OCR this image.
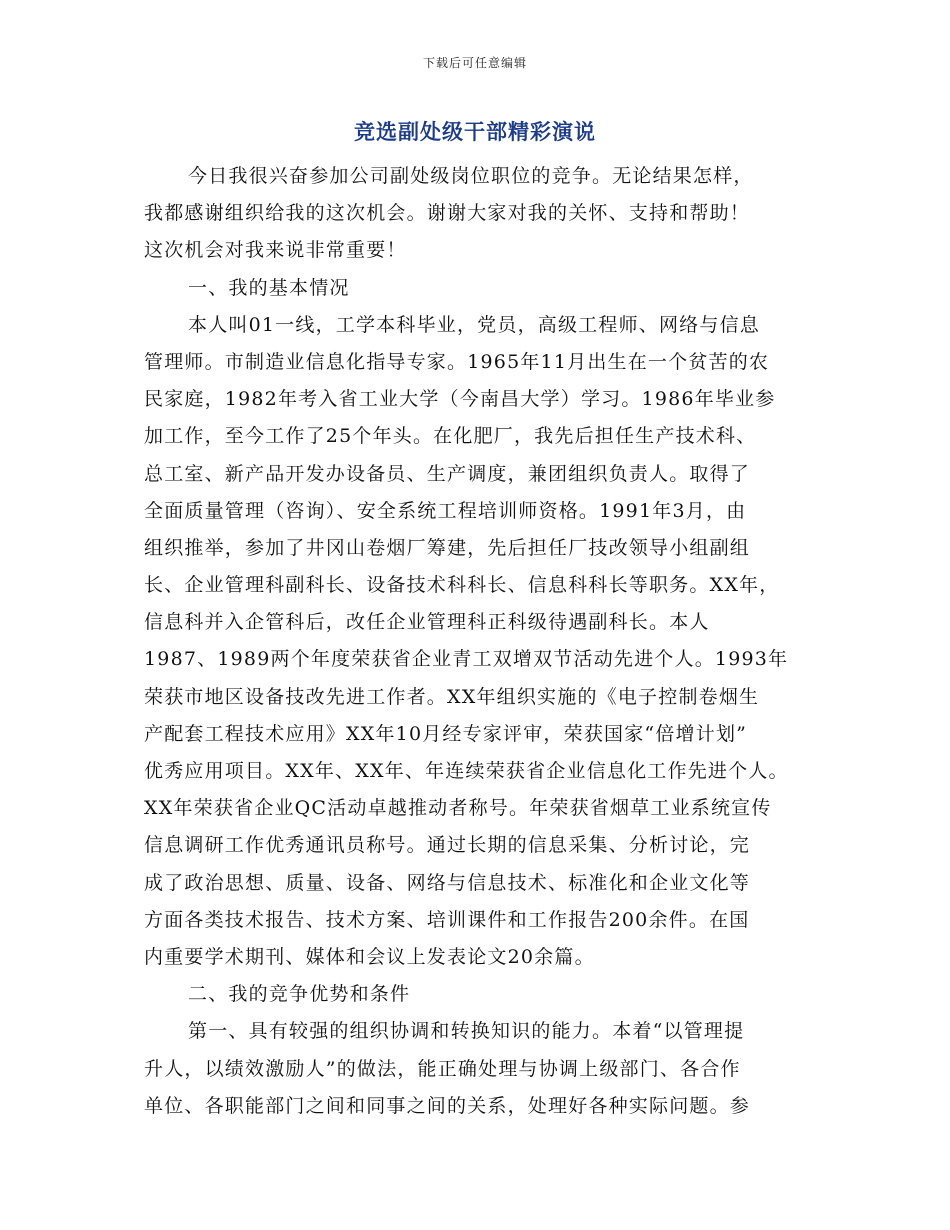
下载后可任意编辑
竞选副处级干部精彩演说
今日我很兴奋参加公司副处级岗位职位的竞争。无论结果怎样，
我都感谢组织给我的这次机会。谢谢大家对我的关怀、支持和帮助！
这次机会对我来说非常重要！
一、我的基本情况
本人叫01一线，工学本科毕业，党员，高级工程师、网络与信息
管理师。市制造业信息化指导专家。1965年11月出生在一个贫苦的农
民家庭，1982年考入省工业大学（今南昌大学）学习。1986年毕业参
加工作，至今工作了25个年头。在化肥厂，我先后担任生产技术科、
总工室、新产品开发办设备员、生产调度，兼团组织负责人。取得了
全面质量管理（咨询）、安全系统工程培训师资格。1991年3月，由
组织推举，参加了井冈山卷烟厂筹建，先后担任厂技改领导小组副组
长、企业管理科副科长、设备技术科科长、信息科科长等职务。XX年，
信息科并入企管科后，改任企业管理科正科级待遇副科长。本人
1987、1989两个年度荣获省企业青工双增双节活动先进个人。1993年
荣获市地区设备技改先进工作者。XX年组织实施的《电子控制卷烟生
产配套工程技术应用》XX年10月经专家评审，荣获国家“倍增计划”
优秀应用项目。XX年、XX年、年连续荣获省企业信息化工作先进个人。
XX年荣获省企业QC活动卓越推动者称号。年荣获省烟草工业系统宣传
信息调研工作优秀通讯员称号。通过长期的信息采集、分析讨论，完
成了政治思想、质量、设备、网络与信息技术、标准化和企业文化等
方面各类技术报告、技术方案、培训课件和工作报告200余件。在国
内重要学术期刊、媒体和会议上发表论文20余篇。
二、我的竞争优势和条件
第一、具有较强的组织协调和转换知识的能力。本着“以管理提
升人，以绩效激励人”的做法，能正确处理与协调上级部门、各合作
单位、各职能部门之间和同事之间的关系，处理好各种实际问题。参
